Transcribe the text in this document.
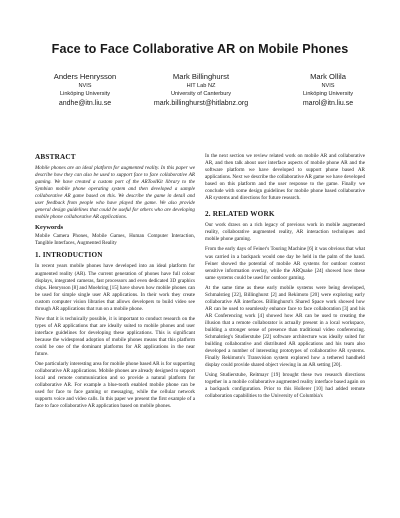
Face to Face Collaborative AR on Mobile Phones
Anders Henrysson
NVIS
Linköping University
andhe@itn.liu.se
Mark Billinghurst
HIT Lab NZ
University of Canterbury
mark.billinghurst@hitlabnz.org
Mark Ollila
NVIS
Linköping University
marol@itn.liu.se
ABSTRACT

Mobile phones are an ideal platform for augmented reality. In this paper we describe how they can also be used to support face to face collaborative AR gaming. We have created a custom port of the ARToolKit library to the Symbian mobile phone operating system and then developed a sample collaborative AR game based on this. We describe the game in detail and user feedback from people who have played the game. We also provide general design guidelines that could be useful for others who are developing mobile phone collaborative AR applications.

Keywords

Mobile Camera Phones, Mobile Games, Human Computer Interaction, Tangible Interfaces, Augmented Reality

1. INTRODUCTION

In recent years mobile phones have developed into an ideal platform for augmented reality (AR). The current generation of phones have full colour displays, integrated cameras, fast processors and even dedicated 3D graphics chips. Henrysson [8] and Moehring [15] have shown how mobile phones can be used for simple single user AR applications. In their work they create custom computer vision libraries that allows developers to build video see through AR applications that run on a mobile phone.

Now that it is technically possible, it is important to conduct research on the types of AR applications that are ideally suited to mobile phones and user interface guidelines for developing these applications. This is significant because the widespread adoption of mobile phones means that this platform could be one of the dominant platforms for AR applications in the near future.

One particularly interesting area for mobile phone based AR is for supporting collaborative AR applications. Mobile phones are already designed to support local and remote communication and so provide a natural platform for collaborative AR. For example a blue-tooth enabled mobile phone can be used for face to face gaming or messaging, while the cellular network supports voice and video calls. In this paper we present the first example of a face to face collaborative AR application based on mobile phones.

In the next section we review related work on mobile AR and collaborative AR, and then talk about user interface aspects of mobile phone AR and the software platform we have developed to support phone based AR applications. Next we describe the collaborative AR game we have developed based on this platform and the user response to the game. Finally we conclude with some design guidelines for mobile phone based collaborative AR systems and directions for future research.

2. RELATED WORK

Our work draws on a rich legacy of previous work in mobile augmented reality, collaborative augmented reality, AR interaction techniques and mobile phone gaming.

From the early days of Feiner's Touring Machine [6] it was obvious that what was carried in a backpack would one day be held in the palm of the hand. Feiner showed the potential of mobile AR systems for outdoor context sensitive information overlay, while the ARQuake [24] showed how these same systems could be used for outdoor gaming.

At the same time as these early mobile systems were being developed, Schmalstieg [22], Billinghurst [2] and Rekimoto [20] were exploring early collaborative AR interfaces. Billinghurst's Shared Space work showed how AR can be used to seamlessly enhance face to face collaboration [3] and his AR Conferencing work [4] showed how AR can be used to creating the illusion that a remote collaborator is actually present in a local workspace, building a stronger sense of presence than traditional video conferencing. Schmalstieg's Studierstube [22] software architecture was ideally suited for building collaborative and distributed AR applications and his team also developed a number of interesting prototypes of collaborative AR systems. Finally Rekimoto's Transvision system explored how a tethered handheld display could provide shared object viewing in an AR setting [20].

Using Studierstube, Reitmayr [19] brought these two research directions together in a mobile collaborative augmented reality interface based again on a backpack configuration. Prior to this Hollerer [10] had added remote collaboration capabilities to the University of Columbia's
